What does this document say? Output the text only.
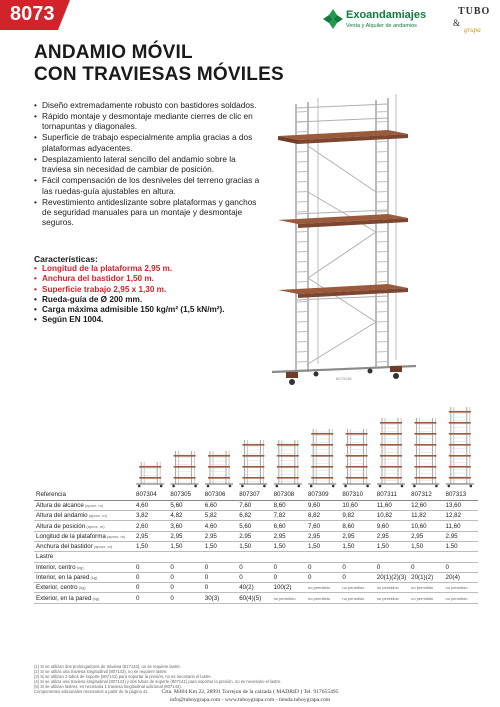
8073	Exoandamiajes
Venta y Alquiler de andamios
TUBO
&
grupa
ANDAMIO MÓVIL
CON TRAVIESAS MÓVILES
• Diseño extremadamente robusto con bastidores soldados.
• Rápido montaje y desmontaje mediante cierres de clic en tornapuntas y diagonales.
• Superficie de trabajo especialmente amplia gracias a dos plataformas adyacentes.
• Desplazamiento lateral sencillo del andamio sobre la traviesa sin necesidad de cambiar de posición.
• Fácil compensación de los desniveles del terreno gracias a las ruedas-guía ajustables en altura.
• Revestimiento antideslizante sobre plataformas y ganchos de seguridad manuales para un montaje y desmontaje seguros.
Características:
• Longitud de la plataforma 2,95 m.
• Anchura del bastidor 1,50 m.
• Superficie trabajo 2,95 x 1,30 m.
• Rueda-guía de Ø 200 mm.
• Carga máxima admisible 150 kg/m² (1,5 kN/m²).
• Según EN 1004.
8073136
Referencia	807304	807305	807306	807307	807308	807309	807310	807311	807312	807313
Altura de alcance (aprox. m)	4,60	5,60	6,60	7,60	8,60	9,60	10,60	11,60	12,60	13,60
Altura del andamio (aprox. m)	3,82	4,82	5,82	6,82	7,82	8,82	9,82	10,82	11,82	12,82
Altura de posición (aprox. m)	2,60	3,60	4,60	5,60	6,60	7,60	8,60	9,60	10,60	11,60
Longitud de la plataforma (aprox. m)	2,95	2,95	2,95	2,95	2,95	2,95	2,95	2,95	2,95	2,95
Anchura del bastidor (aprox. m)	1,50	1,50	1,50	1,50	1,50	1,50	1,50	1,50	1,50	1,50
Lastre										
Interior, centro (kg)	0	0	0	0	0	0	0	0	0	0
Interior, en la pared (kg)	0	0	0	0	0	0	0	20(1)(2)(3)	20(1)(2)	20(4)
Exterior, centro (kg)	0	0	0	40(2)	100(2)	no permitido	no permitido	no permitido	no permitido	no permitido
Exterior, en la pared (kg)	0	0	30(3)	60(4)(5)	no permitido	no permitido	no permitido	no permitido	no permitido	no permitido
(1) Si se utilizan dos prolongadores de traviesa (817133), no se requiere lastre.
(2) Si se utiliza una traviesa longitudinal (807143), no se requiere lastre.
(3) Si se utilizan 2 tubos de soporte (807141) para soportar la presión, no es necesario el lastre.
(4) Si se utiliza una traviesa longitudinal (807143) y dos tubos de soporte (807141) para soportar la presión, no es necesario el lastre.
(5) Si se utilizan lastres, es necesaria 1 traviesa longitudinal adicional (807143).
Componentes adicionales necesarios a partir de la página 41.	Crta. M404 Km 22, 28991 Torrejon de la calzada ( MADRID ) Tel. 917655495
info@tuboygrapa.com - www.tuboygrapa.com - tienda.tuboygrapa.com
